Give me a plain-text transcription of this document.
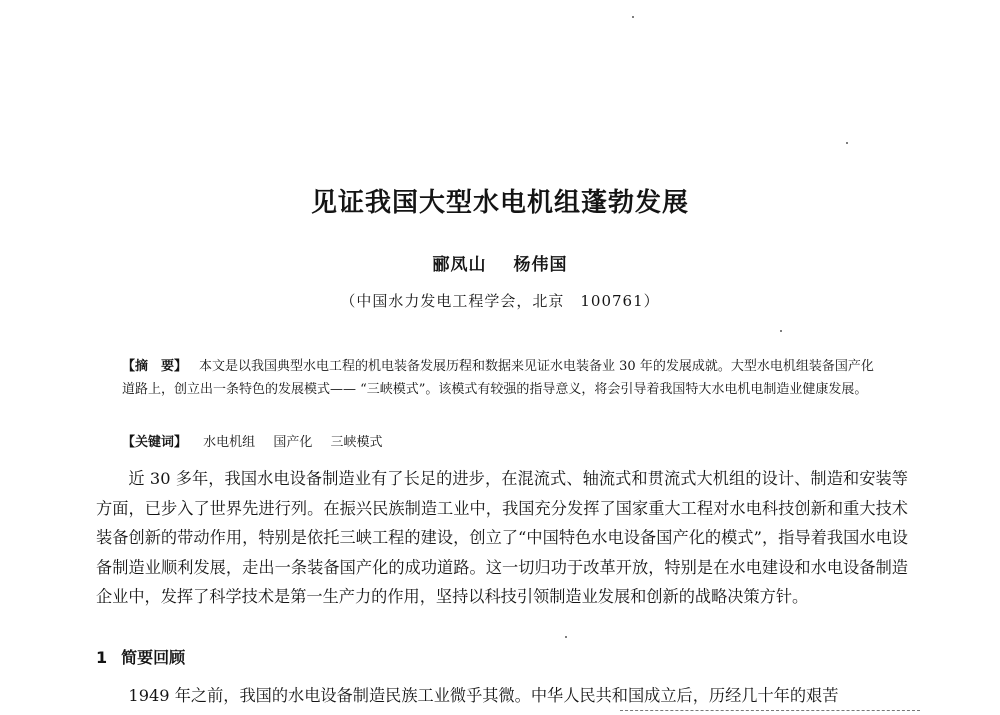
见证我国大型水电机组蓬勃发展
郦凤山 杨伟国
（中国水力发电工程学会，北京　100761）

【摘　要】 本文是以我国典型水电工程的机电装备发展历程和数据来见证水电装备业 30 年的发展成就。大型水电机组装备国产化道路上，创立出一条特色的发展模式—— “三峡模式”。该模式有较强的指导意义，将会引导着我国特大水电机电制造业健康发展。

【关键词】 水电机组 国产化 三峡模式

近 30 多年，我国水电设备制造业有了长足的进步，在混流式、轴流式和贯流式大机组的设计、制造和安装等方面，已步入了世界先进行列。在振兴民族制造工业中，我国充分发挥了国家重大工程对水电科技创新和重大技术装备创新的带动作用，特别是依托三峡工程的建设，创立了“中国特色水电设备国产化的模式”，指导着我国水电设备制造业顺利发展，走出一条装备国产化的成功道路。这一切归功于改革开放，特别是在水电建设和水电设备制造企业中，发挥了科学技术是第一生产力的作用，坚持以科技引领制造业发展和创新的战略决策方针。

1 简要回顾

1949 年之前，我国的水电设备制造民族工业微乎其微。中华人民共和国成立后，历经几十年的艰苦
